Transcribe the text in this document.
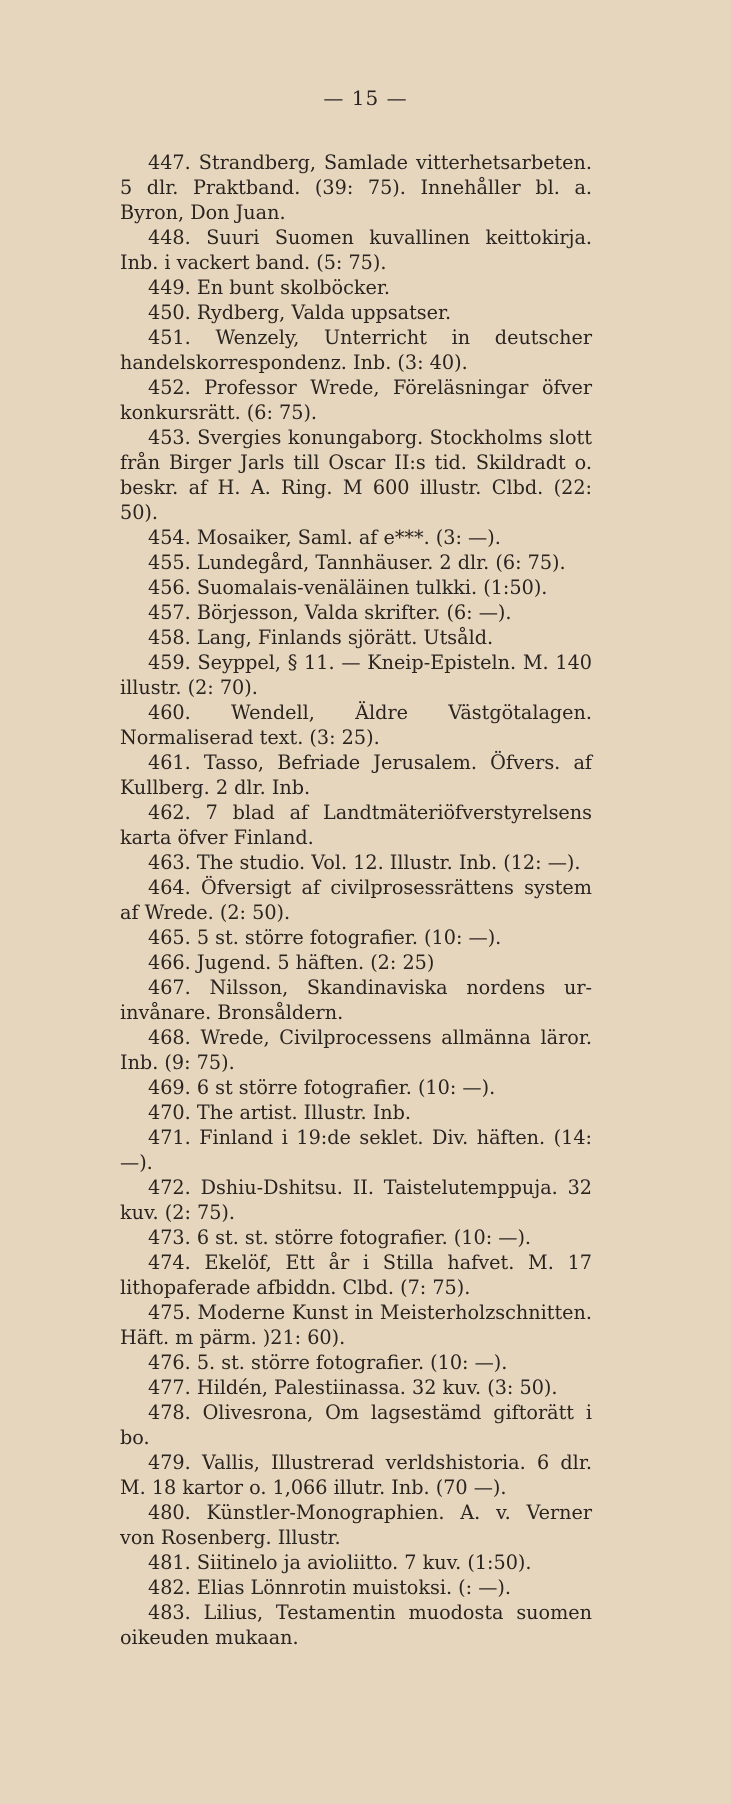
— 15 —
447. Strandberg, Samlade vitterhetsarbeten. 5 dlr. Praktband. (39: 75). Innehåller bl. a. Byron, Don Juan.
448. Suuri Suomen kuvallinen keittokirja. Inb. i vackert band. (5: 75).
449. En bunt skolböcker.
450. Rydberg, Valda uppsatser.
451. Wenzely, Unterricht in deutscher handelskorrespondenz. Inb. (3: 40).
452. Professor Wrede, Föreläsningar öfver konkursrätt. (6: 75).
453. Svergies konungaborg. Stockholms slott från Birger Jarls till Oscar II:s tid. Skildradt o. beskr. af H. A. Ring. M 600 illustr. Clbd. (22: 50).
454. Mosaiker, Saml. af e***. (3: —).
455. Lundegård, Tannhäuser. 2 dlr. (6: 75).
456. Suomalais-venäläinen tulkki. (1:50).
457. Börjesson, Valda skrifter. (6: —).
458. Lang, Finlands sjörätt. Utsåld.
459. Seyppel, § 11. — Kneip-Episteln. M. 140 illustr. (2: 70).
460. Wendell, Äldre Västgötalagen. Normaliserad text. (3: 25).
461. Tasso, Befriade Jerusalem. Öfvers. af Kullberg. 2 dlr. Inb.
462. 7 blad af Landtmäteriöfverstyrelsens karta öfver Finland.
463. The studio. Vol. 12. Illustr. Inb. (12: —).
464. Öfversigt af civilprosessrättens system af Wrede. (2: 50).
465. 5 st. större fotografier. (10: —).
466. Jugend. 5 häften. (2: 25)
467. Nilsson, Skandinaviska nordens ur-invånare. Bronsåldern.
468. Wrede, Civilprocessens allmänna läror. Inb. (9: 75).
469. 6 st större fotografier. (10: —).
470. The artist. Illustr. Inb.
471. Finland i 19:de seklet. Div. häften. (14: —).
472. Dshiu-Dshitsu. II. Taistelutemppuja. 32 kuv. (2: 75).
473. 6 st. st. större fotografier. (10: —).
474. Ekelöf, Ett år i Stilla hafvet. M. 17 lithopaferade afbiddn. Clbd. (7: 75).
475. Moderne Kunst in Meisterholzschnitten. Häft. m pärm. )21: 60).
476. 5. st. större fotografier. (10: —).
477. Hildén, Palestiinassa. 32 kuv. (3: 50).
478. Olivesrona, Om lagsestämd giftorätt i bo.
479. Vallis, Illustrerad verldshistoria. 6 dlr. M. 18 kartor o. 1,066 illutr. Inb. (70 —).
480. Künstler-Monographien. A. v. Verner von Rosenberg. Illustr.
481. Siitinelo ja avioliitto. 7 kuv. (1:50).
482. Elias Lönnrotin muistoksi. (: —).
483. Lilius, Testamentin muodosta suomen oikeuden mukaan.
